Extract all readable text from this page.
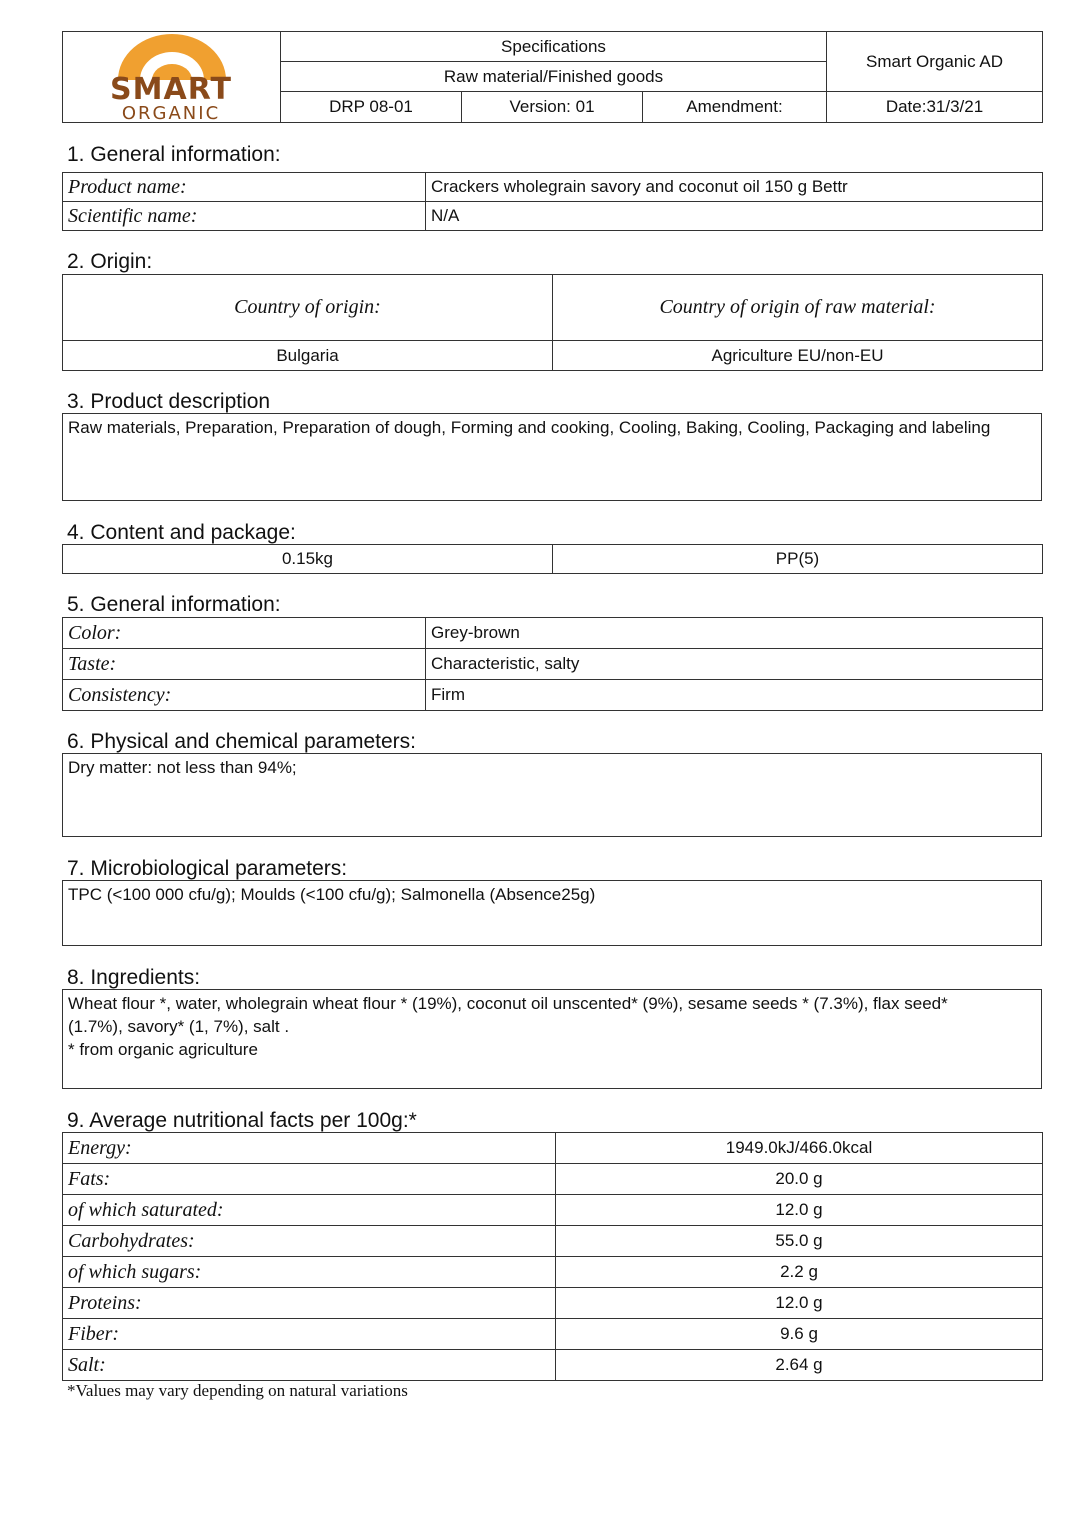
SMART
ORGANIC	Specifications			Smart Organic AD
	Raw material/Finished goods			
	DRP 08-01	Version: 01	Amendment:	Date:31/3/21
1. General information:
Product name:	Crackers wholegrain savory and coconut oil 150 g Bettr
Scientific name:	N/A
2. Origin:
Country of origin:	Country of origin of raw material:
Bulgaria	Agriculture EU/non-EU
3. Product description
Raw materials, Preparation, Preparation of dough, Forming and cooking, Cooling, Baking, Cooling, Packaging and labeling
4. Content and package:
0.15kg	PP(5)
5. General information:
Color:	Grey-brown
Taste:	Characteristic, salty
Consistency:	Firm
6. Physical and chemical parameters:
Dry matter: not less than 94%;
7. Microbiological parameters:
TPC (<100 000 cfu/g); Moulds (<100 cfu/g); Salmonella (Absence25g)
8. Ingredients:
Wheat flour *, water, wholegrain wheat flour * (19%), coconut oil unscented* (9%), sesame seeds * (7.3%), flax seed*
(1.7%), savory* (1, 7%), salt .
* from organic agriculture
9. Average nutritional facts per 100g:*
Energy:	1949.0kJ/466.0kcal
Fats:	20.0 g
of which saturated:	12.0 g
Carbohydrates:	55.0 g
of which sugars:	2.2 g
Proteins:	12.0 g
Fiber:	9.6 g
Salt:	2.64 g
*Values may vary depending on natural variations
